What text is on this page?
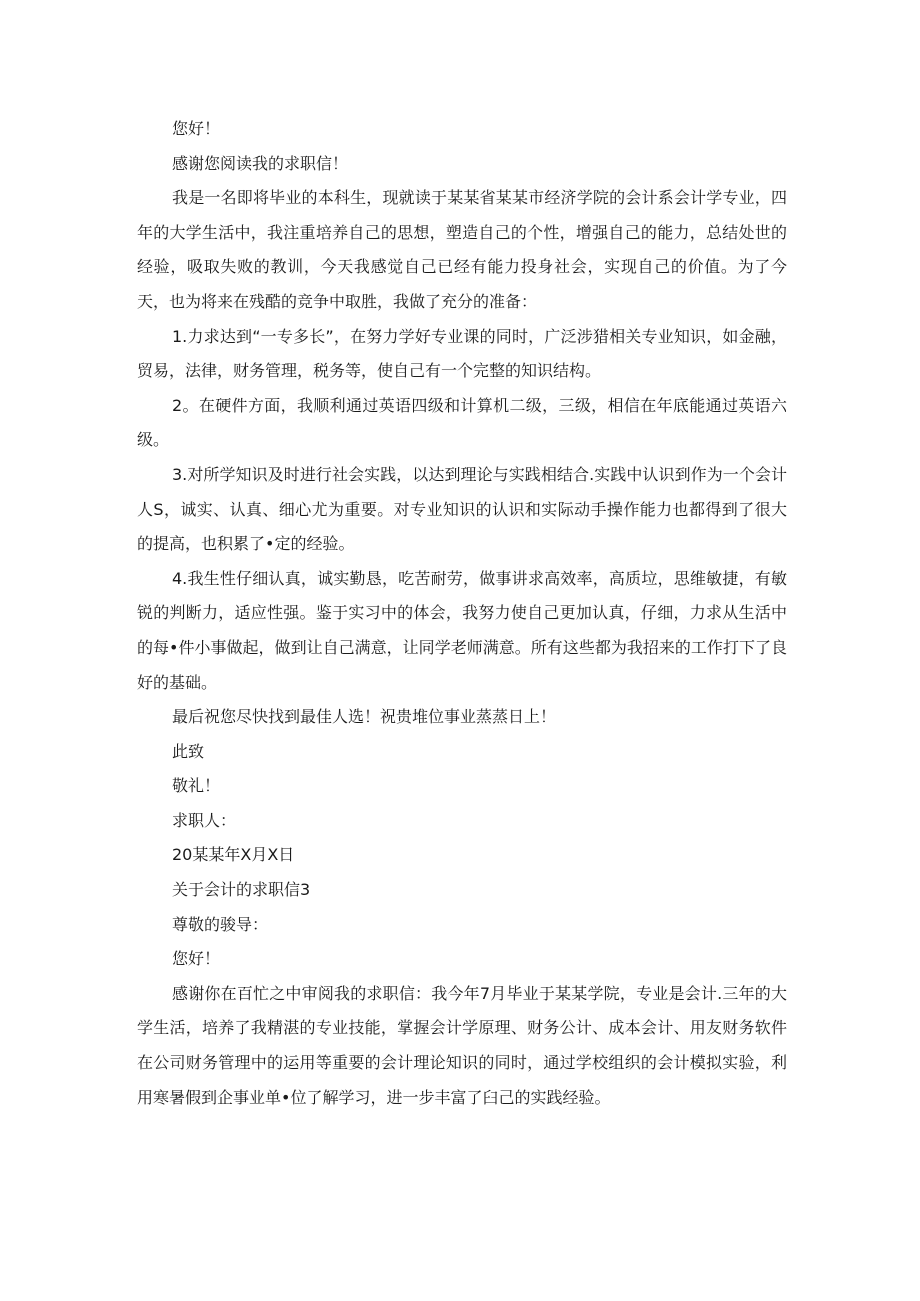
您好！

感谢您阅读我的求职信！

我是一名即将毕业的本科生，现就读于某某省某某市经济学院的会计系会计学专业，四年的大学生活中，我注重培养自己的思想，塑造自己的个性，增强自己的能力，总结处世的经验，吸取失败的教训，今天我感觉自己已经有能力投身社会，实现自己的价值。为了今天，也为将来在残酷的竞争中取胜，我做了充分的准备：

1.力求达到“一专多长”，在努力学好专业课的同时，广泛涉猎相关专业知识，如金融，贸易，法律，财务管理，税务等，使自己有一个完整的知识结构。

2。在硬件方面，我顺利通过英语四级和计算机二级，三级，相信在年底能通过英语六级。

3.对所学知识及时进行社会实践，以达到理论与实践相结合.实践中认识到作为一个会计人S，诚实、认真、细心尤为重要。对专业知识的认识和实际动手操作能力也都得到了很大的提高，也积累了•定的经验。

4.我生性仔细认真，诚实勤恳，吃苦耐劳，做事讲求高效率，高质垃，思维敏捷，有敏锐的判断力，适应性强。鉴于实习中的体会，我努力使自己更加认真，仔细，力求从生活中的每•件小事做起，做到让自己满意，让同学老师满意。所有这些都为我招来的工作打下了良好的基础。

最后祝您尽快找到最佳人选！祝贵堆位事业蒸蒸日上！

此致

敬礼！

求职人：

20某某年X月X日

关于会计的求职信3

尊敬的骏导：

您好！

感谢你在百忙之中审阅我的求职信：我今年7月毕业于某某学院，专业是会计.三年的大学生活，培养了我精湛的专业技能，掌握会计学原理、财务公计、成本会计、用友财务软件在公司财务管理中的运用等重要的会计理论知识的同时，通过学校组织的会计模拟实验，利用寒暑假到企事业单•位了解学习，进一步丰富了臼己的实践经验。
